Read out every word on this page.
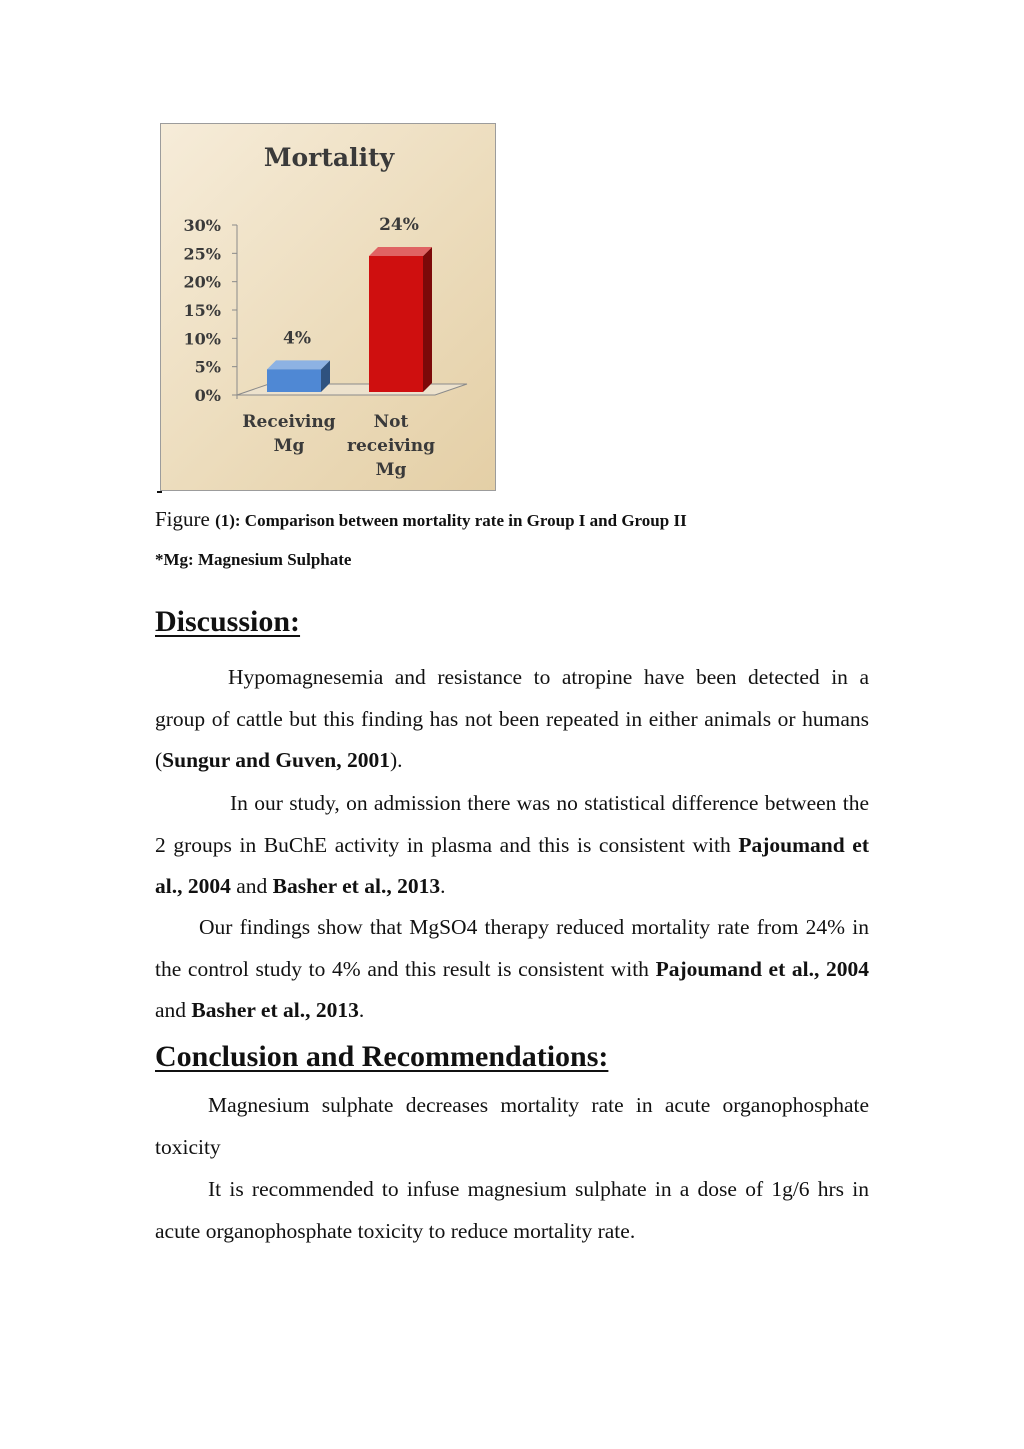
Mortality
0%
5%
10%
15%
20%
25%
30%
4%
Receiving
Mg
24%
Not
receiving
Mg
Figure (1): Comparison between mortality rate in Group I and Group II
*Mg: Magnesium Sulphate
Discussion:

Hypomagnesemia and resistance to atropine have been detected in a group of cattle but this finding has not been repeated in either animals or humans (Sungur and Guven, 2001).

In our study, on admission there was no statistical difference between the 2 groups in BuChE activity in plasma and this is consistent with Pajoumand et al., 2004 and Basher et al., 2013.

Our findings show that MgSO4 therapy reduced mortality rate from 24% in the control study to 4% and this result is consistent with Pajoumand et al., 2004 and Basher et al., 2013.

Conclusion and Recommendations:

Magnesium sulphate decreases mortality rate in acute organophosphate toxicity

It is recommended to infuse magnesium sulphate in a dose of 1g/6 hrs in acute organophosphate toxicity to reduce mortality rate.
